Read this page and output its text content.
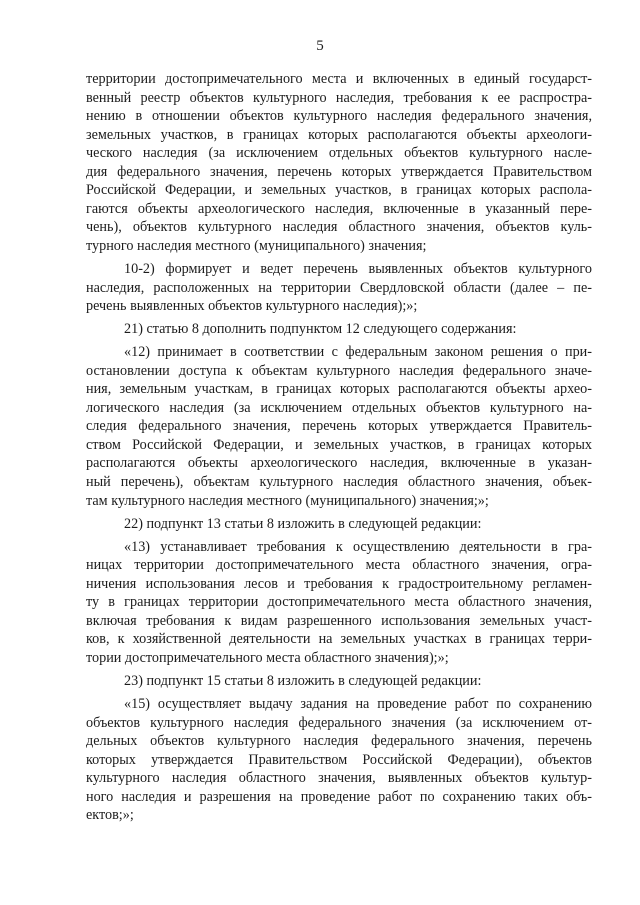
5
территории достопримечательного места и включенных в единый государст-
венный реестр объектов культурного наследия, требования к ее распростра-
нению в отношении объектов культурного наследия федерального значения,
земельных участков, в границах которых располагаются объекты археологи-
ческого наследия (за исключением отдельных объектов культурного насле-
дия федерального значения, перечень которых утверждается Правительством
Российской Федерации, и земельных участков, в границах которых распола-
гаются объекты археологического наследия, включенные в указанный пере-
чень), объектов культурного наследия областного значения, объектов куль-
турного наследия местного (муниципального) значения;
10-2) формирует и ведет перечень выявленных объектов культурного
наследия, расположенных на территории Свердловской области (далее – пе-
речень выявленных объектов культурного наследия);»;
21) статью 8 дополнить подпунктом 12 следующего содержания:
«12) принимает в соответствии с федеральным законом решения о при-
остановлении доступа к объектам культурного наследия федерального значе-
ния, земельным участкам, в границах которых располагаются объекты архео-
логического наследия (за исключением отдельных объектов культурного на-
следия федерального значения, перечень которых утверждается Правитель-
ством Российской Федерации, и земельных участков, в границах которых
располагаются объекты археологического наследия, включенные в указан-
ный перечень), объектам культурного наследия областного значения, объек-
там культурного наследия местного (муниципального) значения;»;
22) подпункт 13 статьи 8 изложить в следующей редакции:
«13) устанавливает требования к осуществлению деятельности в гра-
ницах территории достопримечательного места областного значения, огра-
ничения использования лесов и требования к градостроительному регламен-
ту в границах территории достопримечательного места областного значения,
включая требования к видам разрешенного использования земельных участ-
ков, к хозяйственной деятельности на земельных участках в границах терри-
тории достопримечательного места областного значения);»;
23) подпункт 15 статьи 8 изложить в следующей редакции:
«15) осуществляет выдачу задания на проведение работ по сохранению
объектов культурного наследия федерального значения (за исключением от-
дельных объектов культурного наследия федерального значения, перечень
которых утверждается Правительством Российской Федерации), объектов
культурного наследия областного значения, выявленных объектов культур-
ного наследия и разрешения на проведение работ по сохранению таких объ-
ектов;»;
